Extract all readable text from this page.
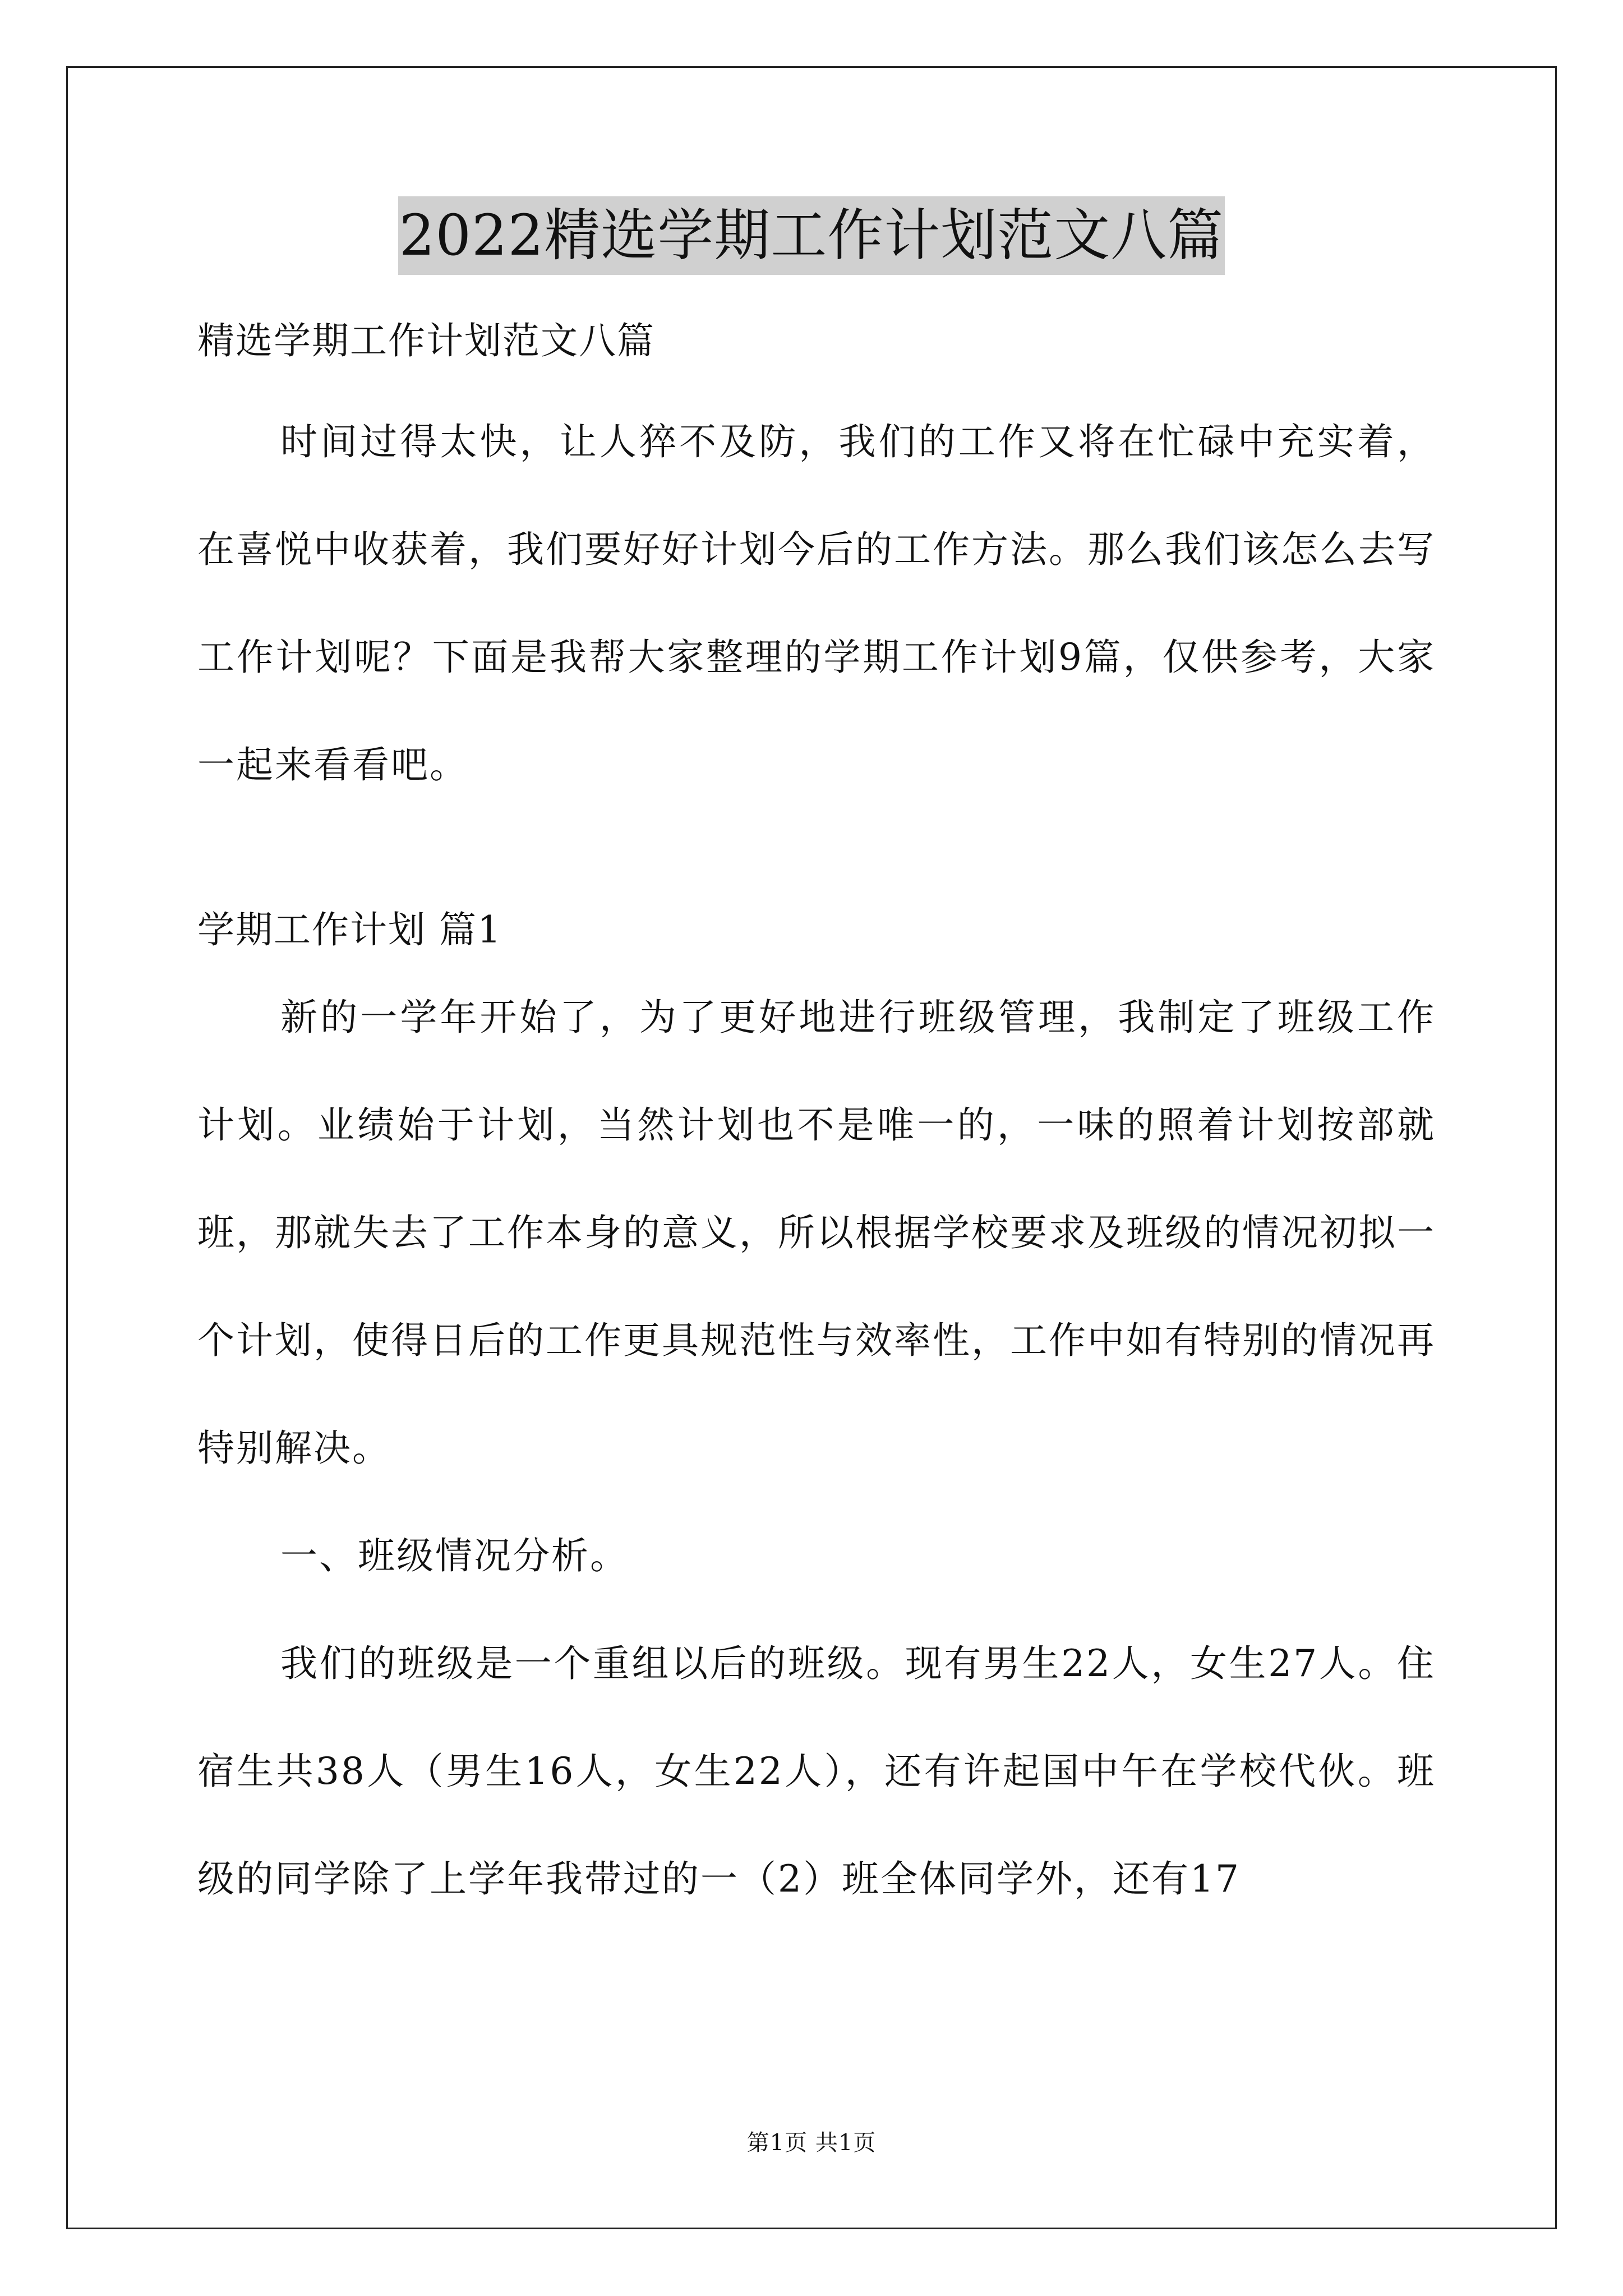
2022精选学期工作计划范文八篇

精选学期工作计划范文八篇

时间过得太快，让人猝不及防，我们的工作又将在忙碌中充实着，在喜悦中收获着，我们要好好计划今后的工作方法。那么我们该怎么去写工作计划呢？下面是我帮大家整理的学期工作计划9篇，仅供参考，大家一起来看看吧。

学期工作计划 篇1

新的一学年开始了，为了更好地进行班级管理，我制定了班级工作计划。业绩始于计划，当然计划也不是唯一的，一味的照着计划按部就班，那就失去了工作本身的意义，所以根据学校要求及班级的情况初拟一个计划，使得日后的工作更具规范性与效率性，工作中如有特别的情况再特别解决。

一、班级情况分析。

我们的班级是一个重组以后的班级。现有男生22人，女生27人。住宿生共38人（男生16人，女生22人），还有许起国中午在学校代伙。班级的同学除了上学年我带过的一（2）班全体同学外，还有17

第1页 共1页
